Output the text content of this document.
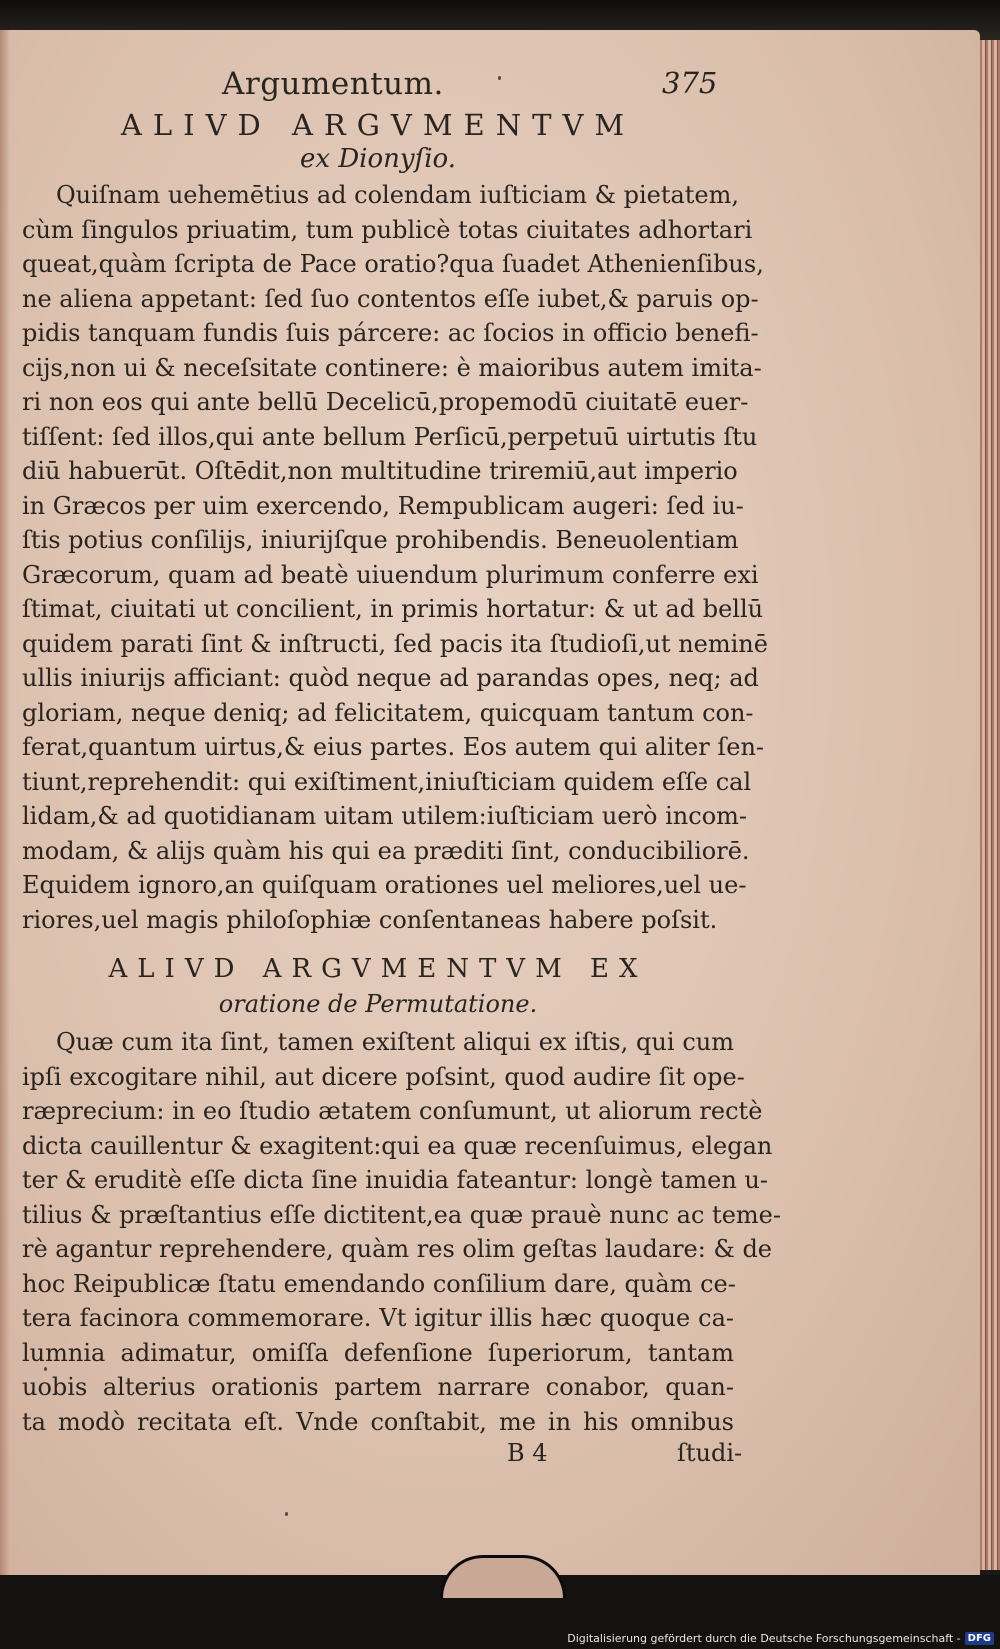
Argumentum.	375
ALIVD ARGVMENTVM
ex Dionyſio.
Quiſnam uehemētius ad colendam iuſticiam & pietatem,
cùm ſingulos priuatim, tum publicè totas ciuitates adhortari
queat,quàm ſcripta de Pace oratio?qua ſuadet Athenienſibus,
ne aliena appetant: ſed ſuo contentos eſſe iubet,& paruis op-
pidis tanquam fundis ſuis párcere: ac ſocios in officio benefi-
cijs,non ui & neceſsitate continere: è maioribus autem imita-
ri non eos qui ante bellū Decelicū,propemodū ciuitatē euer-
tiſſent: ſed illos,qui ante bellum Perſicū,perpetuū uirtutis ſtu
diū habuerūt. Oſtēdit,non multitudine triremiū,aut imperio
in Græcos per uim exercendo, Rempublicam augeri: ſed iu-
ſtis potius conſilijs, iniurijſque prohibendis. Beneuolentiam
Græcorum, quam ad beatè uiuendum plurimum conferre exi
ſtimat, ciuitati ut concilient, in primis hortatur: & ut ad bellū
quidem parati ſint & inſtructi, ſed pacis ita ſtudioſi,ut neminē
ullis iniurijs afficiant: quòd neque ad parandas opes, neq; ad
gloriam, neque deniq; ad felicitatem, quicquam tantum con-
ferat,quantum uirtus,& eius partes. Eos autem qui aliter ſen-
tiunt,reprehendit: qui exiſtiment,iniuſticiam quidem eſſe cal
lidam,& ad quotidianam uitam utilem:iuſticiam uerò incom-
modam, & alijs quàm his qui ea præditi ſint, conducibiliorē.
Equidem ignoro,an quiſquam orationes uel meliores,uel ue-
riores,uel magis philoſophiæ conſentaneas habere poſsit.
ALIVD ARGVMENTVM EX
oratione de Permutatione.
Quæ cum ita ſint, tamen exiſtent aliqui ex iſtis, qui cum
ipſi excogitare nihil, aut dicere poſsint, quod audire ſit ope-
ræprecium: in eo ſtudio ætatem conſumunt, ut aliorum rectè
dicta cauillentur & exagitent:qui ea quæ recenſuimus, elegan
ter & eruditè eſſe dicta ſine inuidia fateantur: longè tamen u-
tilius & præſtantius eſſe dictitent,ea quæ prauè nunc ac teme-
rè agantur reprehendere, quàm res olim geſtas laudare: & de
hoc Reipublicæ ſtatu emendando conſilium dare, quàm ce-
tera facinora commemorare. Vt igitur illis hæc quoque ca-
lumnia adimatur, omiſſa defenſione ſuperiorum, tantam
uobis alterius orationis partem narrare conabor, quan-
ta modò recitata eſt. Vnde conſtabit, me in his omnibus
B 4	ſtudi-
Digitalisierung gefördert durch die Deutsche Forschungsgemeinschaft - DFG
